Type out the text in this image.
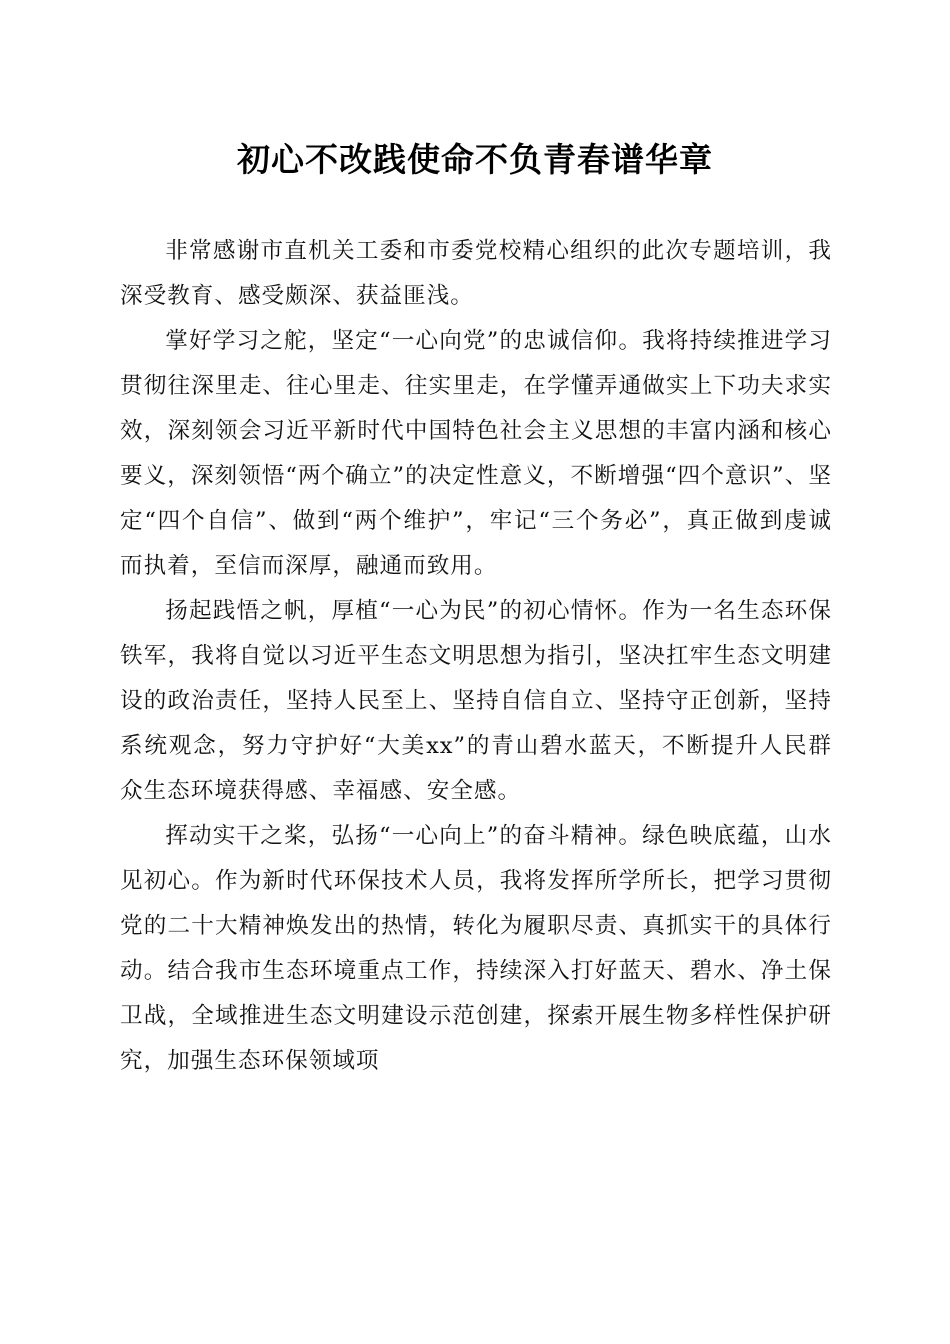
初心不改践使命不负青春谱华章

非常感谢市直机关工委和市委党校精心组织的此次专题培训，我深受教育、感受颇深、获益匪浅。

掌好学习之舵，坚定“一心向党”的忠诚信仰。我将持续推进学习贯彻往深里走、往心里走、往实里走，在学懂弄通做实上下功夫求实效，深刻领会习近平新时代中国特色社会主义思想的丰富内涵和核心要义，深刻领悟“两个确立”的决定性意义，不断增强“四个意识”、坚定“四个自信”、做到“两个维护”，牢记“三个务必”，真正做到虔诚而执着，至信而深厚，融通而致用。

扬起践悟之帆，厚植“一心为民”的初心情怀。作为一名生态环保铁军，我将自觉以习近平生态文明思想为指引，坚决扛牢生态文明建设的政治责任，坚持人民至上、坚持自信自立、坚持守正创新，坚持系统观念，努力守护好“大美xx”的青山碧水蓝天，不断提升人民群众生态环境获得感、幸福感、安全感。

挥动实干之桨，弘扬“一心向上”的奋斗精神。绿色映底蕴，山水见初心。作为新时代环保技术人员，我将发挥所学所长，把学习贯彻党的二十大精神焕发出的热情，转化为履职尽责、真抓实干的具体行动。结合我市生态环境重点工作，持续深入打好蓝天、碧水、净土保卫战，全域推进生态文明建设示范创建，探索开展生物多样性保护研究，加强生态环保领域项
